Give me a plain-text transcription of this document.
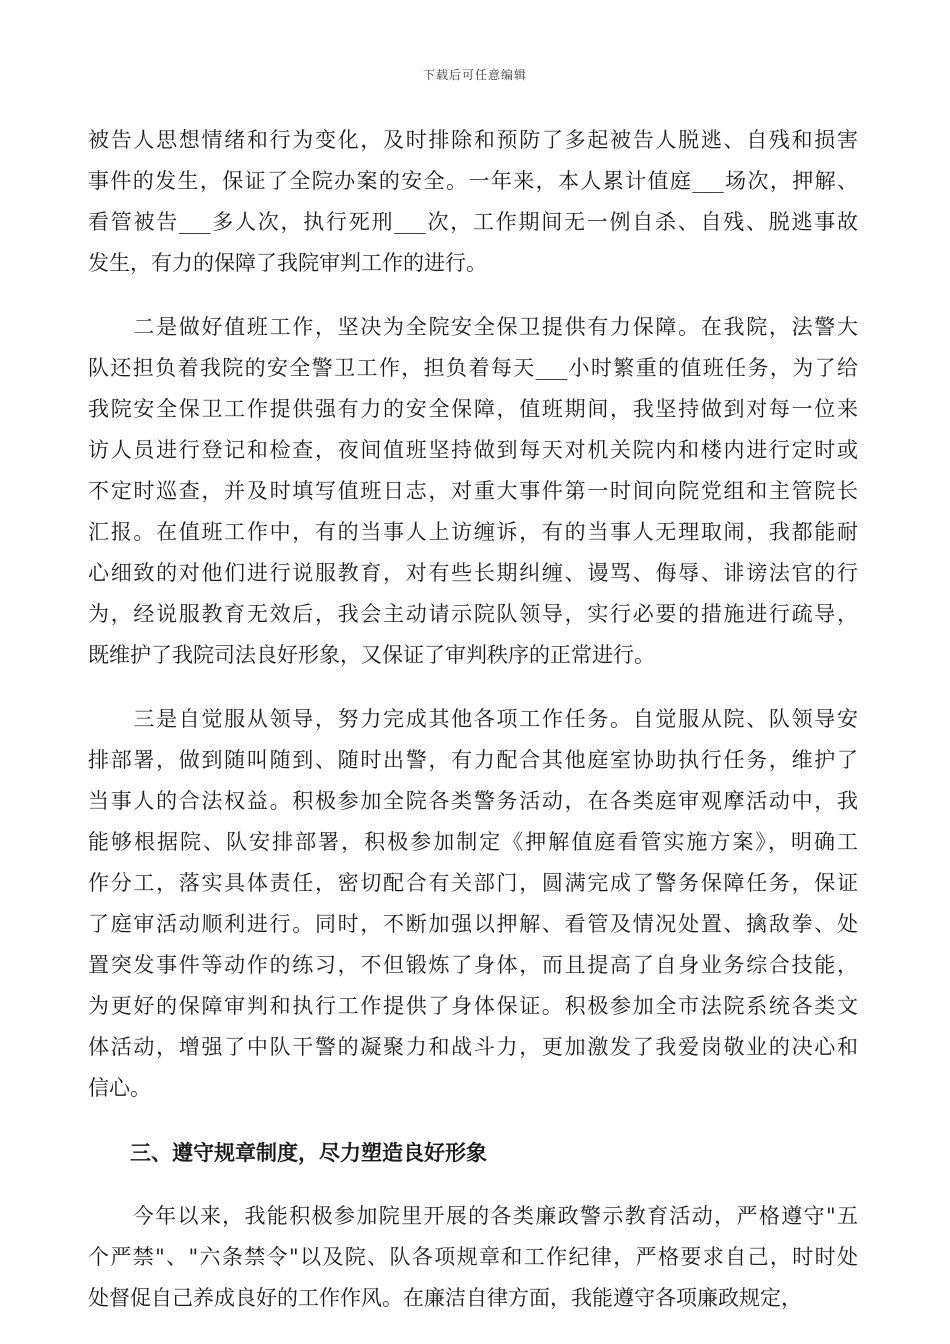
下载后可任意编辑
被告人思想情绪和行为变化，及时排除和预防了多起被告人脱逃、自残和损害
事件的发生，保证了全院办案的安全。一年来，本人累计值庭___场次，押解、
看管被告___多人次，执行死刑___次，工作期间无一例自杀、自残、脱逃事故
发生，有力的保障了我院审判工作的进行。
　　二是做好值班工作，坚决为全院安全保卫提供有力保障。在我院，法警大
队还担负着我院的安全警卫工作，担负着每天___小时繁重的值班任务，为了给
我院安全保卫工作提供强有力的安全保障，值班期间，我坚持做到对每一位来
访人员进行登记和检查，夜间值班坚持做到每天对机关院内和楼内进行定时或
不定时巡查，并及时填写值班日志，对重大事件第一时间向院党组和主管院长
汇报。在值班工作中，有的当事人上访缠诉，有的当事人无理取闹，我都能耐
心细致的对他们进行说服教育，对有些长期纠缠、谩骂、侮辱、诽谤法官的行
为，经说服教育无效后，我会主动请示院队领导，实行必要的措施进行疏导，
既维护了我院司法良好形象，又保证了审判秩序的正常进行。
　　三是自觉服从领导，努力完成其他各项工作任务。自觉服从院、队领导安
排部署，做到随叫随到、随时出警，有力配合其他庭室协助执行任务，维护了
当事人的合法权益。积极参加全院各类警务活动，在各类庭审观摩活动中，我
能够根据院、队安排部署，积极参加制定《押解值庭看管实施方案》，明确工
作分工，落实具体责任，密切配合有关部门，圆满完成了警务保障任务，保证
了庭审活动顺利进行。同时，不断加强以押解、看管及情况处置、擒敌拳、处
置突发事件等动作的练习，不但锻炼了身体，而且提高了自身业务综合技能，
为更好的保障审判和执行工作提供了身体保证。积极参加全市法院系统各类文
体活动，增强了中队干警的凝聚力和战斗力，更加激发了我爱岗敬业的决心和
信心。
　　三、遵守规章制度，尽力塑造良好形象
　　今年以来，我能积极参加院里开展的各类廉政警示教育活动，严格遵守"五
个严禁"、"六条禁令"以及院、队各项规章和工作纪律，严格要求自己，时时处
处督促自己养成良好的工作作风。在廉洁自律方面，我能遵守各项廉政规定，
